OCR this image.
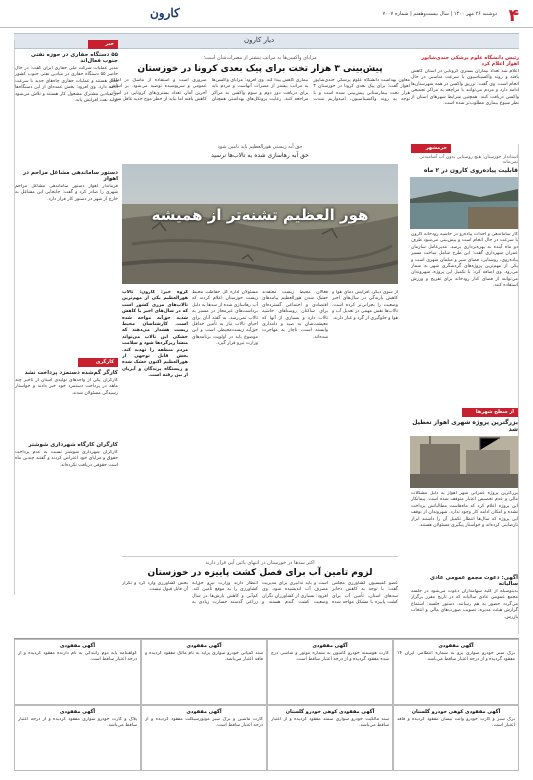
۴
دوشنبه ۲۶ مهر ۱۴۰۰ | سال بیست‌وهفتم | شماره ۷۰۰۷
کارون
دیار کارون
مزایای واکسن‌ها به مراتب بیشتر از مضرات‌شان است؛
پیش‌بینی ۳ هزار تخت برای پیک بعدی کرونا در خوزستان
معاون بهداشت دانشگاه علوم پزشکی جندی‌شاپور اهواز گفت: برای پیک بعدی کرونا در خوزستان ۳ هزار تخت بیمارستانی پیش‌بینی شده است و با توجه به روند واکسیناسیون، امیدواریم شدت بیماری کاهش پیدا کند. وی افزود: مزایای واکسن‌ها به مراتب بیشتر از مضرات آنهاست و مردم باید برای دریافت دوز دوم و سوم واکسن به مراکز مراجعه کنند. رعایت پروتکل‌های بهداشتی همچنان ضروری است و استفاده از ماسک در اماکن عمومی و سرپوشیده توصیه می‌شود. بر اساس آخرین آمار، تعداد بستری‌های کرونایی در استان کاهش یافته اما نباید از خطر موج جدید غافل شد.
رئیس دانشگاه علوم پزشکی جندی‌شاپور اهواز اعلام کرد
اعلام شد تعداد بیماران بستری کرونایی در استان کاهش یافته و روند واکسیناسیون با سرعت مناسبی در حال انجام است. وی گفت: تزریق واکسن در همه شهرستان‌ها ادامه دارد و مردم می‌توانند با مراجعه به مراکز تجمیعی واکسن دریافت کنند. همچنین شرایط شهرهای استان از نظر شیوع بیماری مطلوب‌تر شده است.
خبر
۵۵ دستگاه حفاری در حوزه نفتی جنوب فعال‌اند
مدیر عملیات شرکت ملی حفاری ایران گفت: در حال حاضر ۵۵ دستگاه حفاری در میادین نفتی جنوب کشور فعال هستند و عملیات حفاری چاه‌های جدید با سرعت ادامه دارد. وی افزود: بخش عمده‌ای از این دستگاه‌ها در میادین مشترک مشغول کار هستند و تلاش می‌شود تولید نفت افزایش یابد.
دستور ساماندهی مشاغل مزاحم در اهواز
فرماندار اهواز دستور ساماندهی مشاغل مزاحم شهری را صادر کرد و گفت: جابجایی این مشاغل به خارج از شهر در دستور کار قرار دارد.
کارگری
کارگر گم‌شده دستمزد پرداخت نشد
کارگران یکی از واحدهای تولیدی استان از تأخیر چند ماهه در پرداخت دستمزد خود خبر دادند و خواستار رسیدگی مسئولان شدند.
کارگران کارگاه شهرداری شوشتر
کارگران شهرداری شوشتر نسبت به عدم پرداخت حقوق و مزایای خود اعتراض کردند و گفتند چندین ماه است حقوقی دریافت نکرده‌اند.
حق آبه زیستی هورالعظیم باید تامین شود
حق آبه رهاسازی شده به تالاب‌ها نرسید
هور العظیم تشنه‌تر از همیشه
از سوی دیگر، افزایش دمای هوا و کاهش بارندگی در سال‌های اخیر وضعیت را بحرانی‌تر کرده است. تالاب‌ها نقش مهمی در تعدیل آب و هوا و جلوگیری از گرد و غبار دارند.
فعالان محیط زیست معتقدند خشک شدن هورالعظیم پیامدهای اقتصادی و اجتماعی گسترده‌ای برای ساکنان روستاهای حاشیه تالاب دارد و بسیاری از آنها که معیشت‌شان به صید و دامداری وابسته است، ناچار به مهاجرت شده‌اند.
مسئولان اداره کل حفاظت محیط زیست خوزستان اعلام کردند که آب رهاسازی شده از سدها به دلیل برداشت‌های غیرمجاز در مسیر به تالاب نمی‌رسد. به گفته آنان برای احیای تالاب نیاز به تأمین حداقل حق‌آبه زیست‌محیطی است و این موضوع باید در اولویت برنامه‌های وزارت نیرو قرار گیرد.
گروه خبر: کارون: تالاب هورالعظیم یکی از مهم‌ترین تالاب‌های مرزی کشور است که در سال‌های اخیر با کاهش شدید حق‌آبه مواجه شده است. کارشناسان محیط زیست هشدار می‌دهند که خشکی این تالاب می‌تواند منشأ ریزگردها شود و سلامت مردم منطقه را تهدید کند. بخش قابل توجهی از هورالعظیم اکنون خشک شده و زیستگاه پرندگان و آبزیان از بین رفته است.
اکثر سدها در خوزستان در انتهای پائین آبی قرار دارند
لزوم تامین آب برای فصل کشت پاییزه در خوزستان
عضو کمیسیون کشاورزی مجلس گفت: با توجه به کاهش ذخایر سدهای استان، تأمین آب برای کشت پاییزه با مشکل مواجه شده است و باید تدابیری برای مدیریت مصرف آب اندیشیده شود. وی افزود: بسیاری از کشاورزان نگران وضعیت کشت گندم هستند و انتظار دارند وزارت نیرو حق‌آبه کشاورزی را به موقع تأمین کند. کم‌آبی و کاهش بارش‌ها در سال زراعی گذشته خسارت زیادی به بخش کشاورزی وارد کرد و تکرار آن قابل قبول نیست.
خرمشهر
استاندار خوزستان: هیچ روستایی بدون آب آشامیدنی نمی‌ماند
قابلیت پیاده‌روی کارون در ۲ ماه
کار ساماندهی و احداث پیاده‌رو در حاشیه رودخانه کارون با سرعت در حال انجام است و پیش‌بینی می‌شود ظرف دو ماه آینده به بهره‌برداری برسد. مدیرعامل سازمان عمران شهرداری گفت: این طرح شامل ساخت مسیر پیاده‌روی، روشنایی، فضای سبز و مبلمان شهری است و یکی از مهم‌ترین پروژه‌های گردشگری شهر به شمار می‌رود. وی اضافه کرد: با تکمیل این پروژه، شهروندان می‌توانند از فضای کنار رودخانه برای تفریح و ورزش استفاده کنند.
از سطح شهرها
بزرگترین پروژه شهری اهواز تعطیل شد
بزرگترین پروژه عمرانی شهر اهواز به دلیل مشکلات مالی و عدم تخصیص اعتبار متوقف شده است. پیمانکار این پروژه اعلام کرد که ماه‌هاست مطالباتش پرداخت نشده و امکان ادامه کار وجود ندارد. شهروندان از توقف این پروژه که سال‌ها انتظار تکمیل آن را داشتند ابراز نارضایتی کرده‌اند و خواستار پیگیری مسئولان هستند.
آگهی: دعوت مجمع عمومی عادی سالیانه
بدینوسیله از کلیه سهامداران دعوت می‌شود در جلسه مجمع عمومی عادی سالیانه که در تاریخ مقرر برگزار می‌گردد حضور به هم رسانند. دستور جلسه: استماع گزارش هیئت مدیره، تصویب صورت‌های مالی و انتخاب بازرس.
آگهی مفقودی
برگ سبز خودرو سواری پژو به شماره انتظامی ایران ۱۴ مفقود گردیده و از درجه اعتبار ساقط می‌باشد.
آگهی مفقودی
کارت هوشمند خودرو کامیون به شماره موتور و شاسی درج شده مفقود گردیده و از درجه اعتبار ساقط است.
آگهی مفقودی
سند کمپانی خودرو سواری پراید به نام مالک مفقود گردیده و فاقد اعتبار می‌باشد.
آگهی مفقودی
گواهینامه پایه دوم رانندگی به نام دارنده مفقود گردیده و از درجه اعتبار ساقط است.
آگهی مفقودی کوهی خودرو گلستان
برگ سبز و کارت خودرو وانت نیسان مفقود گردیده و فاقد اعتبار است.
آگهی مفقودی کوهی خودرو گلستان
سند مالکیت خودرو سواری سمند مفقود گردیده و از اعتبار ساقط می‌باشد.
آگهی مفقودی
کارت ماشین و برگ سبز موتورسیکلت مفقود گردیده و از درجه اعتبار ساقط است.
آگهی مفقودی
پلاک و کارت خودرو سواری مفقود گردیده و از درجه اعتبار ساقط می‌باشد.
